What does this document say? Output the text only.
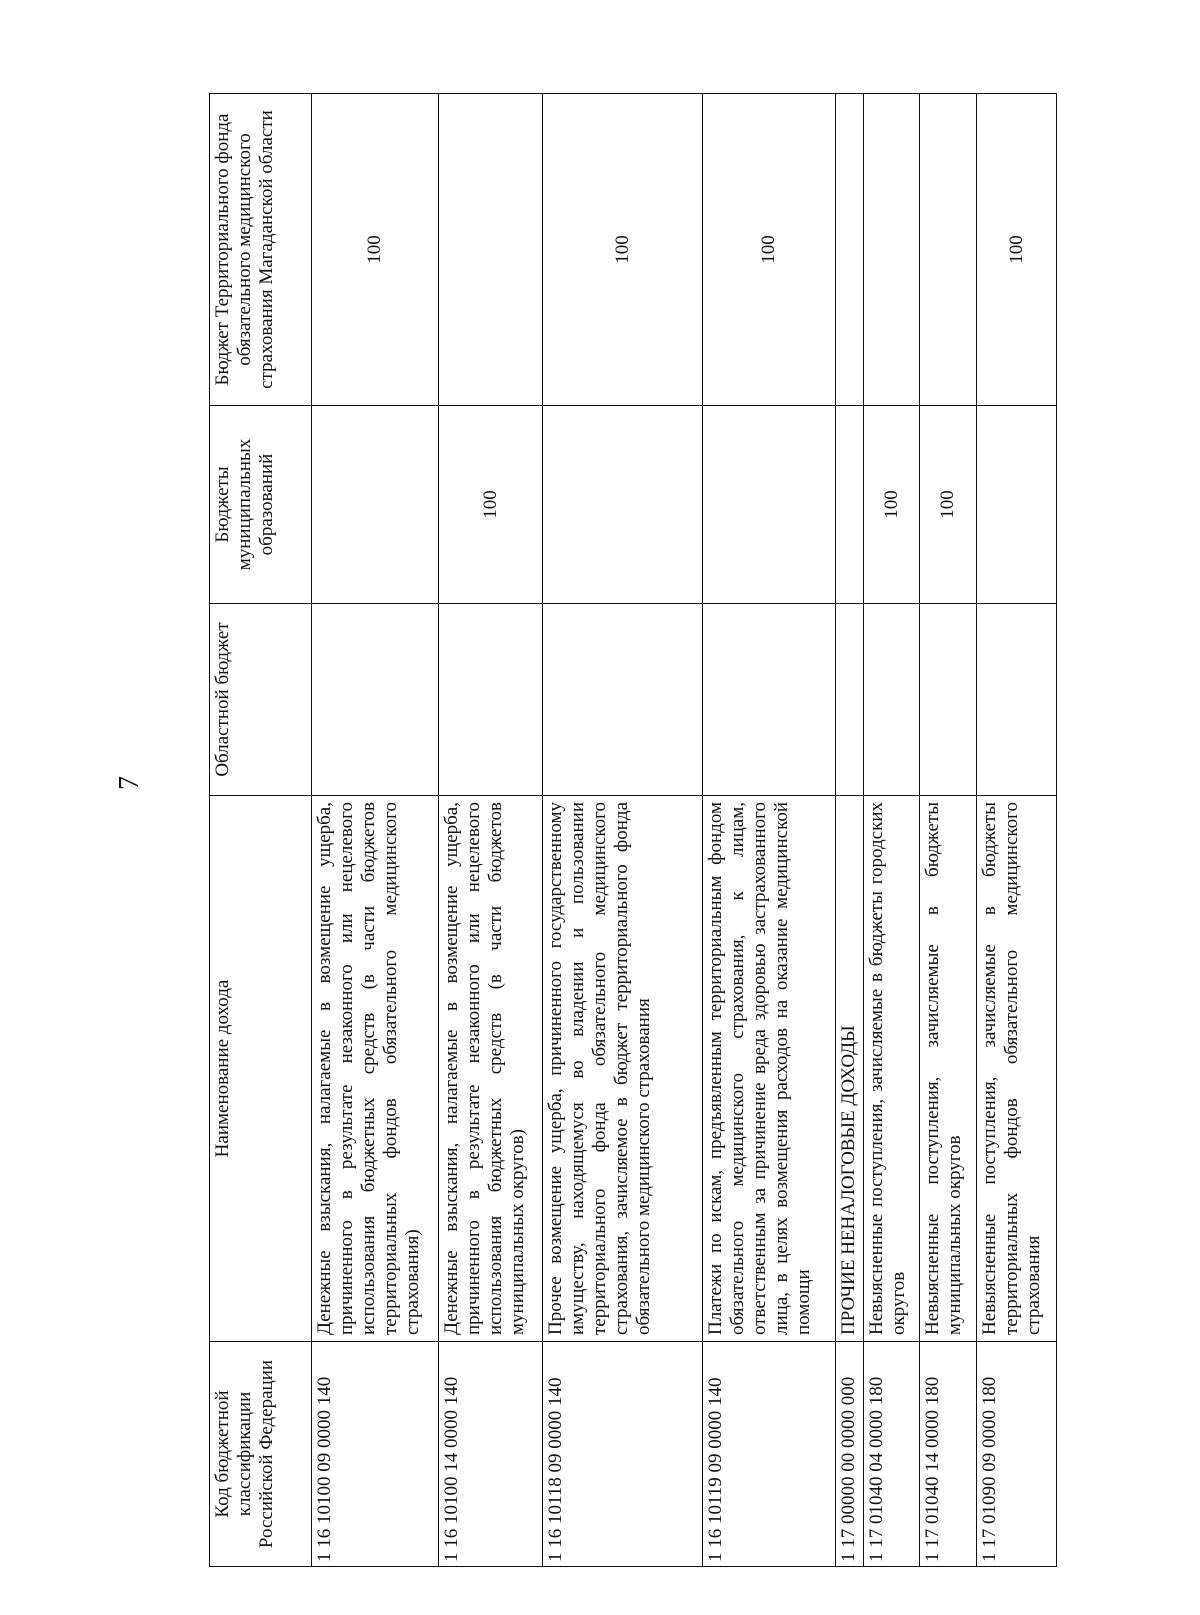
7
Код бюджетной классификации Российской Федерации	Наименование дохода	Областной бюджет	Бюджеты муниципальных образований	Бюджет Территориального фонда обязательного медицинского страхования Магаданской области
1 16 10100 09 0000 140	Денежные взыскания, налагаемые в возмещение ущерба, причиненного в результате незаконного или нецелевого использования бюджетных средств (в части бюджетов территориальных фондов обязательного медицинского страхования)			100
1 16 10100 14 0000 140	Денежные взыскания, налагаемые в возмещение ущерба, причиненного в результате незаконного или нецелевого использования бюджетных средств (в части бюджетов муниципальных округов)		100	
1 16 10118 09 0000 140	Прочее возмещение ущерба, причиненного государственному имуществу, находящемуся во владении и пользовании территориального фонда обязательного медицинского страхования, зачисляемое в бюджет территориального фонда обязательного медицинского страхования			100
1 16 10119 09 0000 140	Платежи по искам, предъявленным территориальным фондом обязательного медицинского страхования, к лицам, ответственным за причинение вреда здоровью застрахованного лица, в целях возмещения расходов на оказание медицинской помощи			100
1 17 00000 00 0000 000	ПРОЧИЕ НЕНАЛОГОВЫЕ ДОХОДЫ			
1 17 01040 04 0000 180	Невыясненные поступления, зачисляемые в бюджеты городских округов		100	
1 17 01040 14 0000 180	Невыясненные поступления, зачисляемые в бюджеты муниципальных округов		100	
1 17 01090 09 0000 180	Невыясненные поступления, зачисляемые в бюджеты территориальных фондов обязательного медицинского страхования			100
